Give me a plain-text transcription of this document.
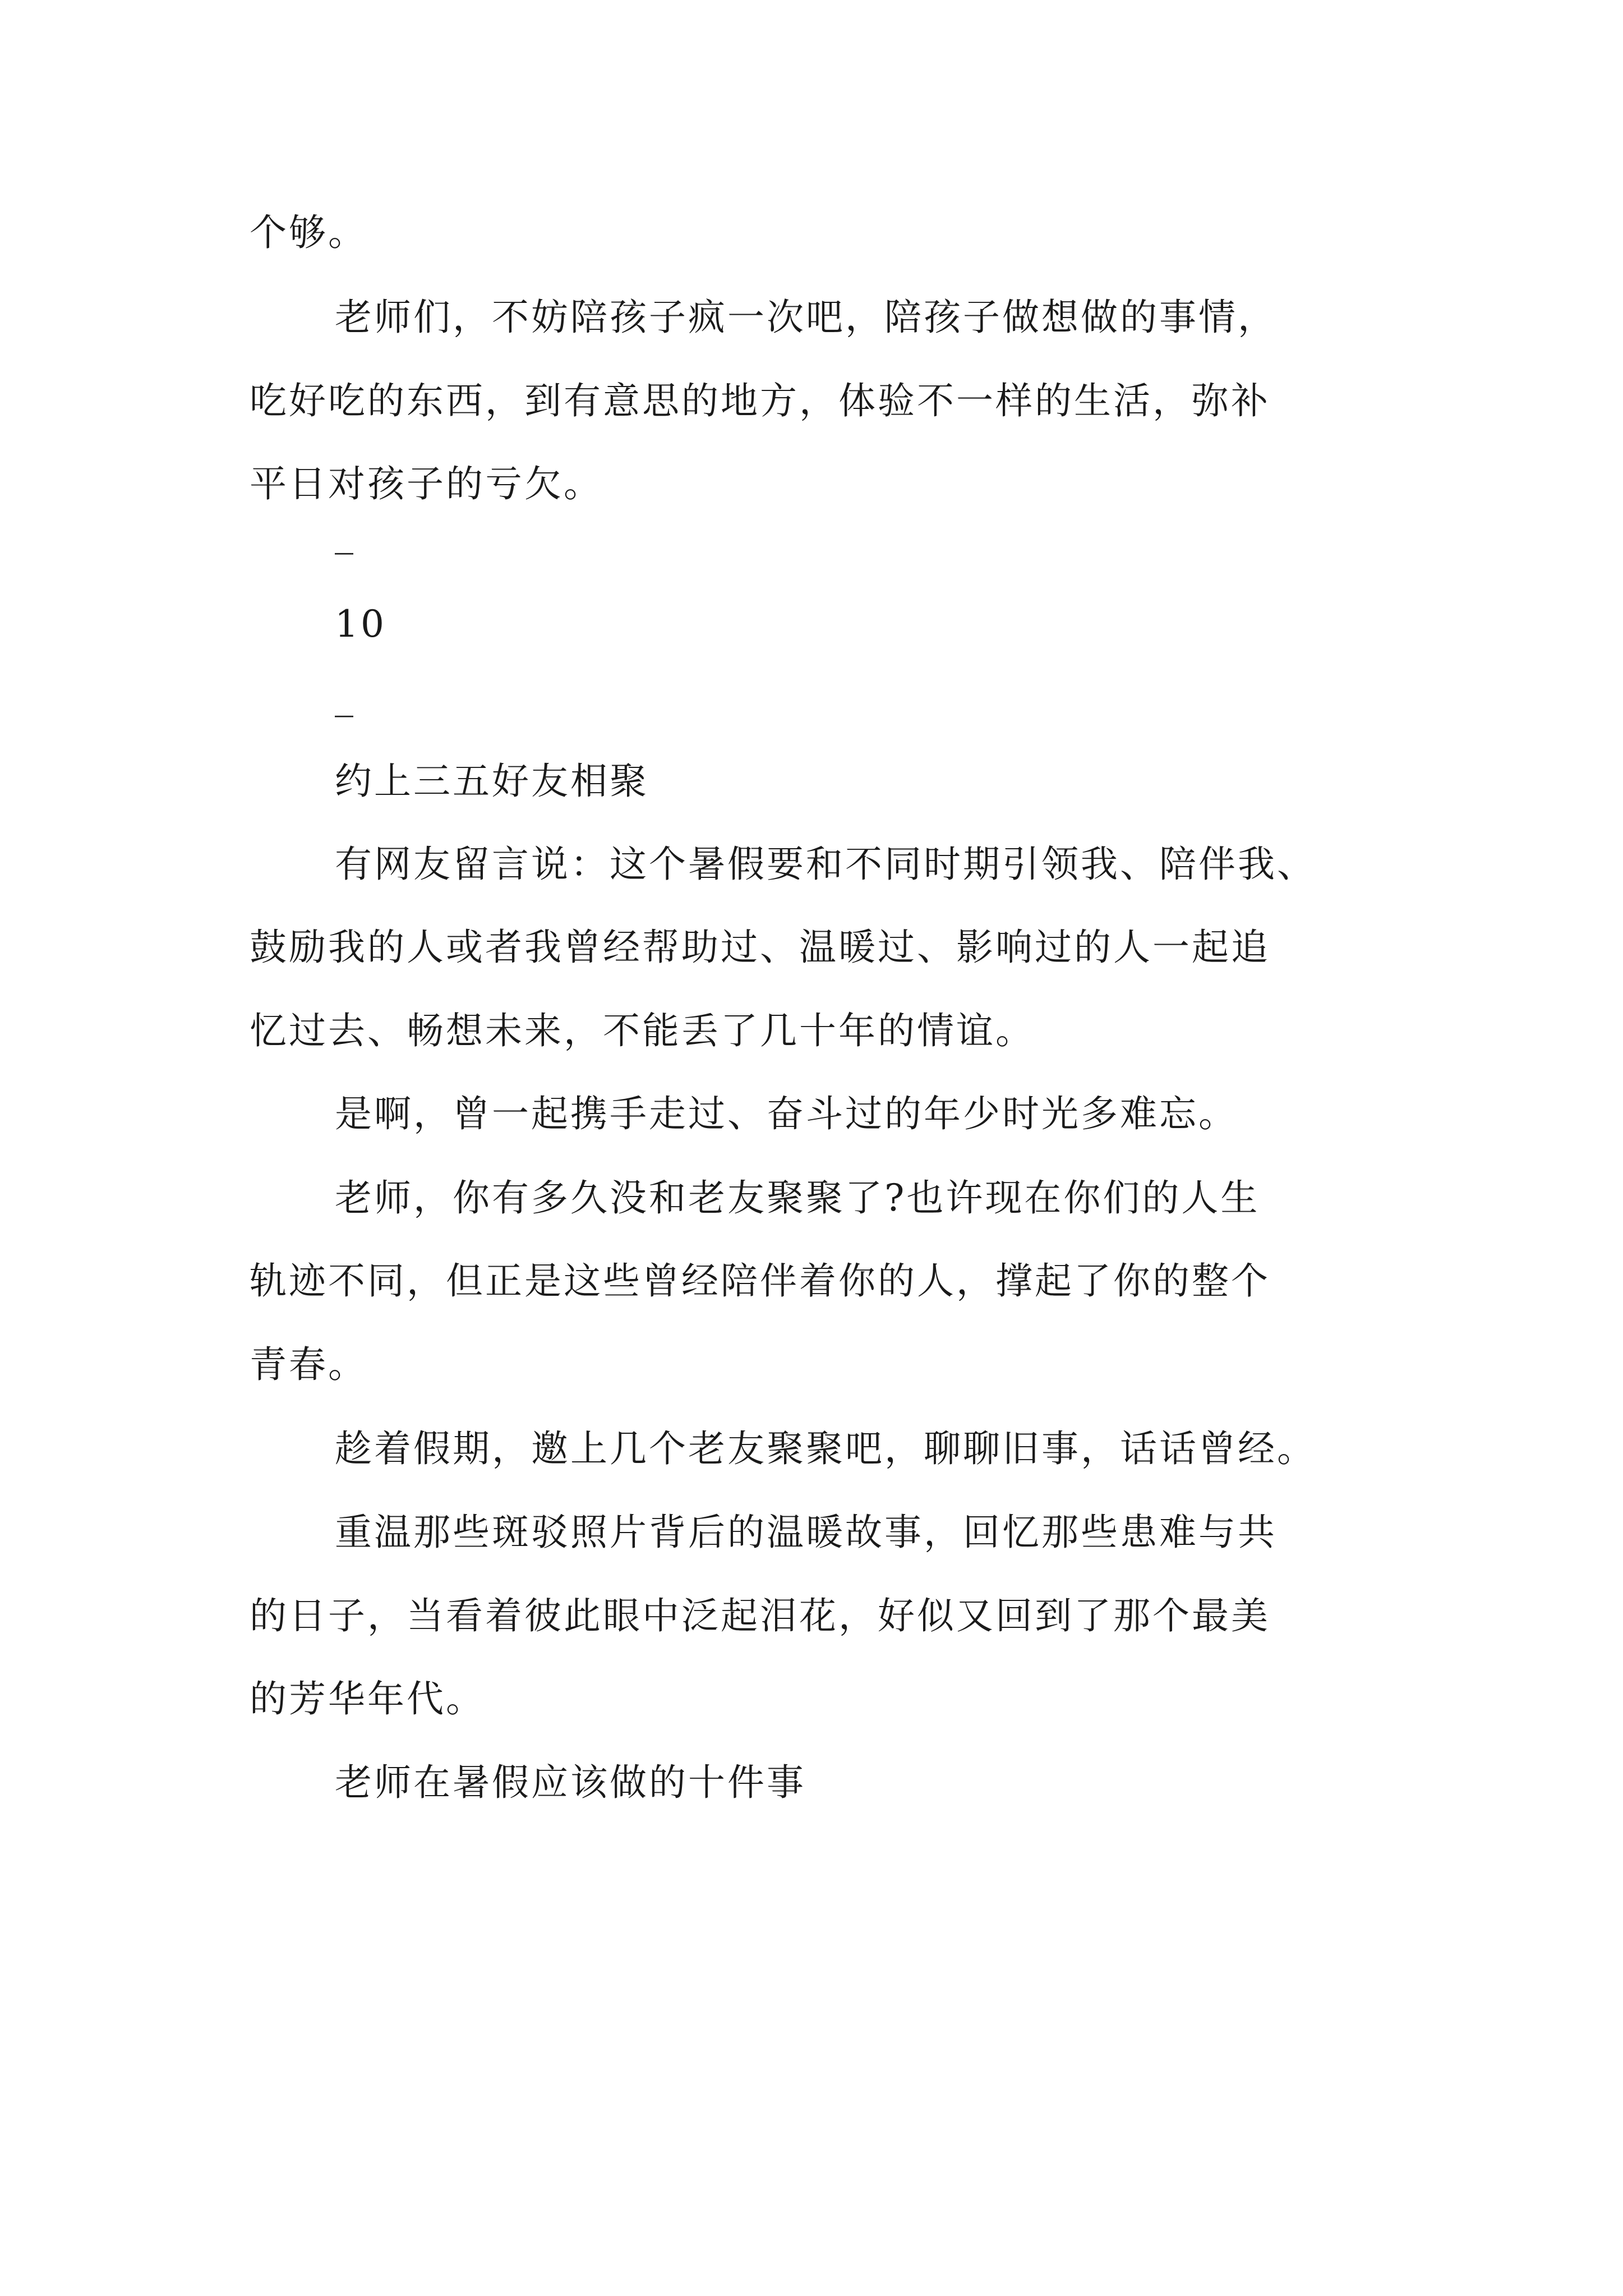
个够。
老师们，不妨陪孩子疯一次吧，陪孩子做想做的事情，
吃好吃的东西，到有意思的地方，体验不一样的生活，弥补
平日对孩子的亏欠。
_
10
_
约上三五好友相聚
有网友留言说：这个暑假要和不同时期引领我、陪伴我、
鼓励我的人或者我曾经帮助过、温暖过、影响过的人一起追
忆过去、畅想未来，不能丢了几十年的情谊。
是啊，曾一起携手走过、奋斗过的年少时光多难忘。
老师，你有多久没和老友聚聚了?也许现在你们的人生
轨迹不同，但正是这些曾经陪伴着你的人，撑起了你的整个
青春。
趁着假期，邀上几个老友聚聚吧，聊聊旧事，话话曾经。
重温那些斑驳照片背后的温暖故事，回忆那些患难与共
的日子，当看着彼此眼中泛起泪花，好似又回到了那个最美
的芳华年代。
老师在暑假应该做的十件事
